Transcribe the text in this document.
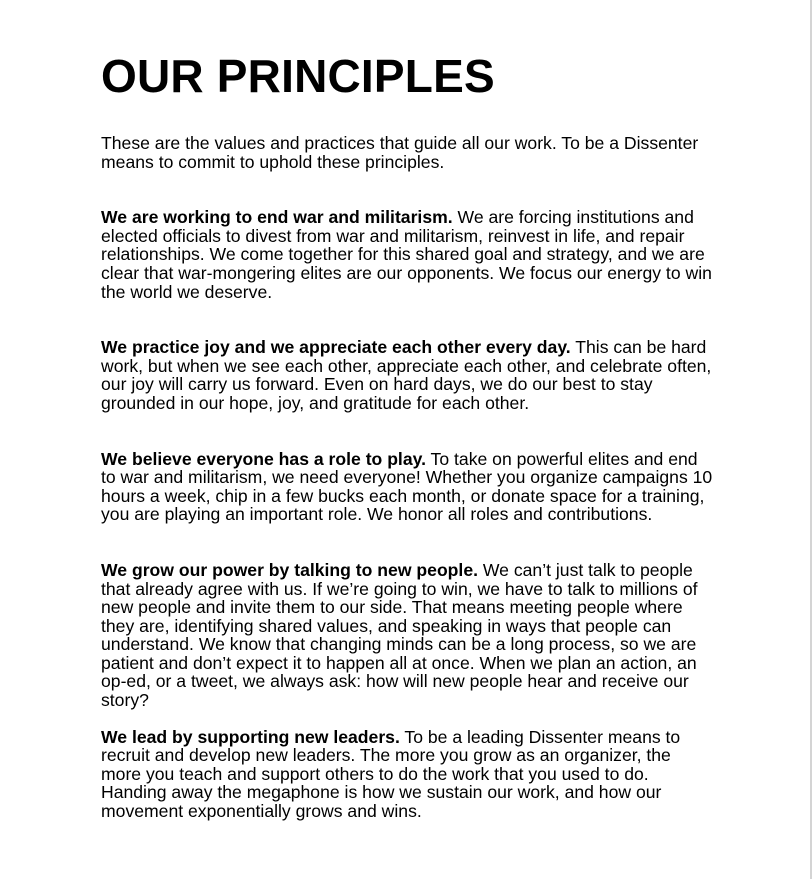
OUR PRINCIPLES

These are the values and practices that guide all our work. To be a Dissenter means to commit to uphold these principles.

We are working to end war and militarism. We are forcing institutions and elected officials to divest from war and militarism, reinvest in life, and repair relationships. We come together for this shared goal and strategy, and we are clear that war-mongering elites are our opponents. We focus our energy to win the world we deserve.

We practice joy and we appreciate each other every day. This can be hard work, but when we see each other, appreciate each other, and celebrate often, our joy will carry us forward. Even on hard days, we do our best to stay grounded in our hope, joy, and gratitude for each other.

We believe everyone has a role to play. To take on powerful elites and end to war and militarism, we need everyone! Whether you organize campaigns 10 hours a week, chip in a few bucks each month, or donate space for a training, you are playing an important role. We honor all roles and contributions.

We grow our power by talking to new people. We can’t just talk to people that already agree with us. If we’re going to win, we have to talk to millions of new people and invite them to our side. That means meeting people where they are, identifying shared values, and speaking in ways that people can understand. We know that changing minds can be a long process, so we are patient and don’t expect it to happen all at once. When we plan an action, an op-ed, or a tweet, we always ask: how will new people hear and receive our story?

We lead by supporting new leaders. To be a leading Dissenter means to recruit and develop new leaders. The more you grow as an organizer, the more you teach and support others to do the work that you used to do. Handing away the megaphone is how we sustain our work, and how our movement exponentially grows and wins.
